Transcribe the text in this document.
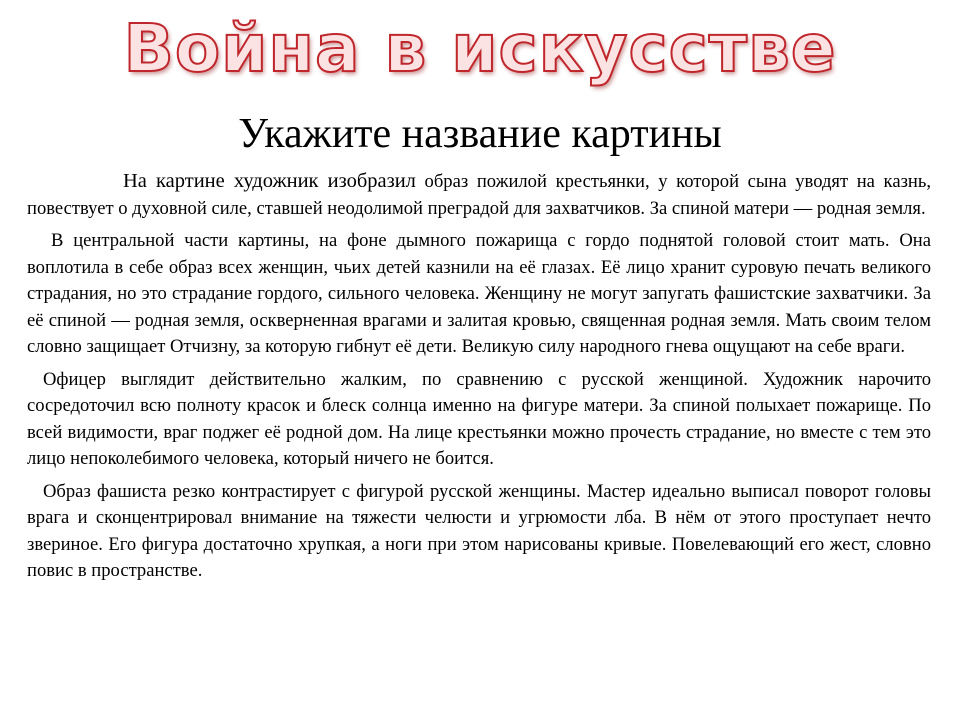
Война в искусстве
Укажите название картины

На картине художник изобразил образ пожилой крестьянки, у которой сына уводят на казнь, повествует о духовной силе, ставшей неодолимой преградой для захватчиков. За спиной матери — родная земля.

В центральной части картины, на фоне дымного пожарища с гордо поднятой головой стоит мать. Она воплотила в себе образ всех женщин, чьих детей казнили на её глазах. Её лицо хранит суровую печать великого страдания, но это страдание гордого, сильного человека. Женщину не могут запугать фашистские захватчики. За её спиной — родная земля, оскверненная врагами и залитая кровью, священная родная земля. Мать своим телом словно защищает Отчизну, за которую гибнут её дети. Великую силу народного гнева ощущают на себе враги.

Офицер выглядит действительно жалким, по сравнению с русской женщиной. Художник нарочито сосредоточил всю полноту красок и блеск солнца именно на фигуре матери. За спиной полыхает пожарище. По всей видимости, враг поджег её родной дом. На лице крестьянки можно прочесть страдание, но вместе с тем это лицо непоколебимого человека, который ничего не боится.

Образ фашиста резко контрастирует с фигурой русской женщины. Мастер идеально выписал поворот головы врага и сконцентрировал внимание на тяжести челюсти и угрюмости лба. В нём от этого проступает нечто звериное. Его фигура достаточно хрупкая, а ноги при этом нарисованы кривые. Повелевающий его жест, словно повис в пространстве.
